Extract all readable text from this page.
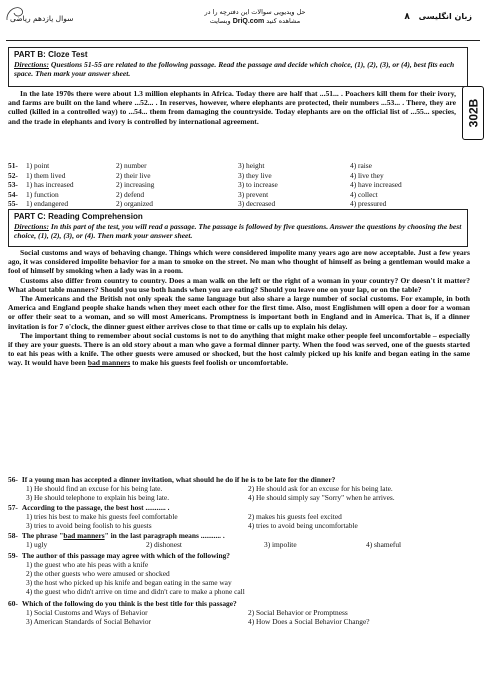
سوال یازدهم ریاضی
حل ویدیویی سوالات این دفترچه را در
وبسایت DriQ.com مشاهده کنید	زبان انگلیسی ۸
302B
PART B: Cloze Test
Directions: Questions 51-55 are related to the following passage. Read the passage and decide which choice, (1), (2), (3), or (4), best fits each space. Then mark your answer sheet.

In the late 1970s there were about 1.3 million elephants in Africa. Today there are half that ...51... . Poachers kill them for their ivory, and farms are built on the land where ...52... . In reserves, however, where elephants are protected, their numbers ...53... . There, they are culled (killed in a controlled way) to ...54... them from damaging the countryside. Today elephants are on the official list of ...55... species, and the trade in elephants and ivory is controlled by international agreement.

51- 1) point	2) number	3) height	4) raise
52- 1) them lived	2) their live	3) they live	4) live they
53- 1) has increased	2) increasing	3) to increase	4) have increased
54- 1) function	2) defend	3) prevent	4) collect
55- 1) endangered	2) organized	3) decreased	4) pressured
PART C: Reading Comprehension
Directions: In this part of the test, you will read a passage. The passage is followed by five questions. Answer the questions by choosing the best choice, (1), (2), (3), or (4). Then mark your answer sheet.

Social customs and ways of behaving change. Things which were considered impolite many years ago are now acceptable. Just a few years ago, it was considered impolite behavior for a man to smoke on the street. No man who thought of himself as being a gentleman would make a fool of himself by smoking when a lady was in a room.

Customs also differ from country to country. Does a man walk on the left or the right of a woman in your country? Or doesn't it matter? What about table manners? Should you use both hands when you are eating? Should you leave one on your lap, or on the table?

The Americans and the British not only speak the same language but also share a large number of social customs. For example, in both America and England people shake hands when they meet each other for the first time. Also, most Englishmen will open a door for a woman or offer their seat to a woman, and so will most Americans. Promptness is important both in England and in America. That is, if a dinner invitation is for 7 o'clock, the dinner guest either arrives close to that time or calls up to explain his delay.

The important thing to remember about social customs is not to do anything that might make other people feel uncomfortable – especially if they are your guests. There is an old story about a man who gave a formal dinner party. When the food was served, one of the guests started to eat his peas with a knife. The other guests were amused or shocked, but the host calmly picked up his knife and began eating in the same way. It would have been bad manners to make his guests feel foolish or uncomfortable.

56- If a young man has accepted a dinner invitation, what should he do if he is to be late for the dinner?
1) He should find an excuse for his being late.	2) He should ask for an excuse for his being late.
3) He should telephone to explain his being late.	4) He should simply say "Sorry" when he arrives.
57- According to the passage, the best host ........... .
1) tries his best to make his guests feel comfortable	2) makes his guests feel excited
3) tries to avoid being foolish to his guests	4) tries to avoid being uncomfortable
58- The phrase "bad manners" in the last paragraph means ........... .
1) ugly	2) dishonest	3) impolite	4) shameful
59- The author of this passage may agree with which of the following?
1) the guest who ate his peas with a knife
2) the other guests who were amused or shocked
3) the host who picked up his knife and began eating in the same way
4) the guest who didn't arrive on time and didn't care to make a phone call
60- Which of the following do you think is the best title for this passage?
1) Social Customs and Ways of Behavior	2) Social Behavior or Promptness
3) American Standards of Social Behavior	4) How Does a Social Behavior Change?
